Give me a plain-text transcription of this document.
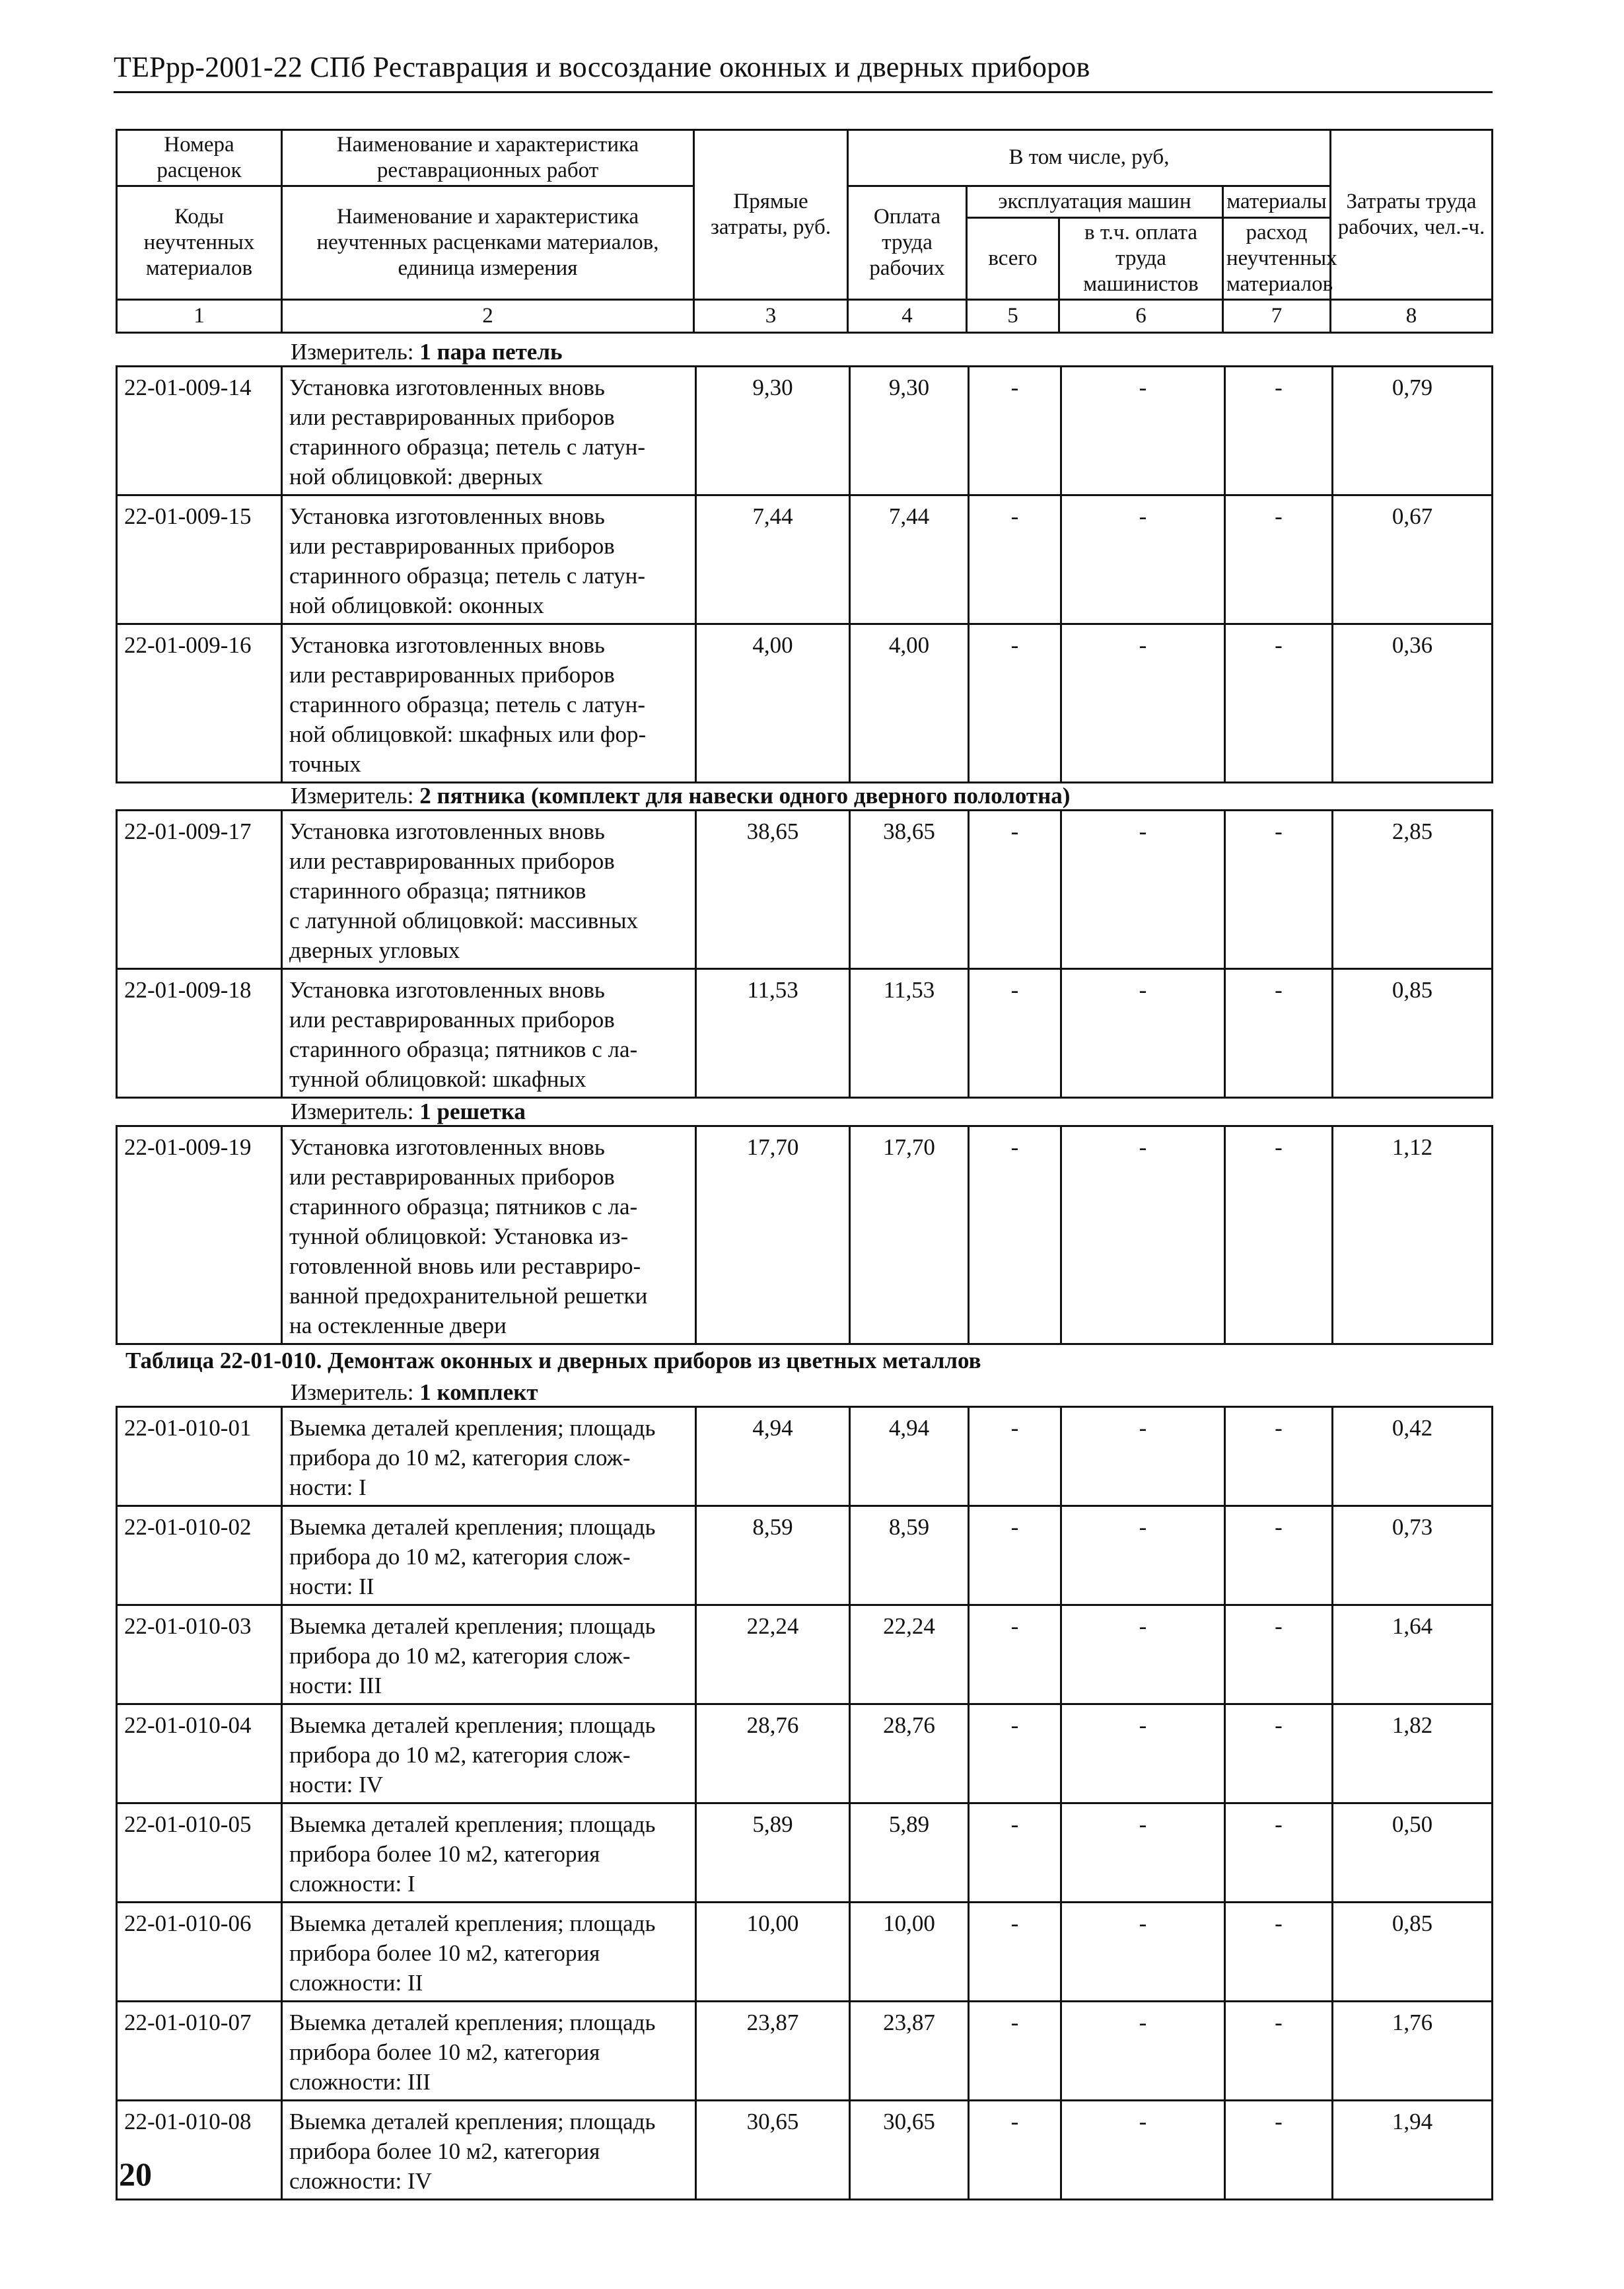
ТЕРрр-2001-22 СПб Реставрация и воссоздание оконных и дверных приборов
Номера расценок	Наименование и характеристика реставрационных работ	Прямые затраты, руб.	В том числе, руб,				Затраты труда рабочих, чел.-ч.
Коды неучтенных материалов	Наименование и характеристика неучтенных расценками материалов, единица измерения		Оплата труда рабочих	эксплуатация машин		материалы	
				всего	в т.ч. оплата труда машинистов	расход неучтенных материалов	
1	2	3	4	5	6	7	8
Измеритель: 1 пара петель
22-01-009-14	Установка изготовленных вновь
или реставрированных приборов
старинного образца; петель с латун-
ной облицовкой: дверных	9,30	9,30	-	-	-	0,79
22-01-009-15	Установка изготовленных вновь
или реставрированных приборов
старинного образца; петель с латун-
ной облицовкой: оконных	7,44	7,44	-	-	-	0,67
22-01-009-16	Установка изготовленных вновь
или реставрированных приборов
старинного образца; петель с латун-
ной облицовкой: шкафных или фор-
точных	4,00	4,00	-	-	-	0,36
Измеритель: 2 пятника (комплект для навески одного дверного пололотна)
22-01-009-17	Установка изготовленных вновь
или реставрированных приборов
старинного образца; пятников
с латунной облицовкой: массивных
дверных угловых	38,65	38,65	-	-	-	2,85
22-01-009-18	Установка изготовленных вновь
или реставрированных приборов
старинного образца; пятников с ла-
тунной облицовкой: шкафных	11,53	11,53	-	-	-	0,85
Измеритель: 1 решетка
22-01-009-19	Установка изготовленных вновь
или реставрированных приборов
старинного образца; пятников с ла-
тунной облицовкой: Установка из-
готовленной вновь или реставриро-
ванной предохранительной решетки
на остекленные двери
	17,70	17,70	-	-	-	1,12
Таблица 22-01-010. Демонтаж оконных и дверных приборов из цветных металлов
Измеритель: 1 комплект
22-01-010-01	Выемка деталей крепления; площадь
прибора до 10 м2, категория слож-
ности: I	4,94	4,94	-	-	-	0,42
22-01-010-02	Выемка деталей крепления; площадь
прибора до 10 м2, категория слож-
ности: II	8,59	8,59	-	-	-	0,73
22-01-010-03	Выемка деталей крепления; площадь
прибора до 10 м2, категория слож-
ности: III	22,24	22,24	-	-	-	1,64
22-01-010-04	Выемка деталей крепления; площадь
прибора до 10 м2, категория слож-
ности: IV	28,76	28,76	-	-	-	1,82
22-01-010-05	Выемка деталей крепления; площадь
прибора более 10 м2, категория
сложности: I	5,89	5,89	-	-	-	0,50
22-01-010-06	Выемка деталей крепления; площадь
прибора более 10 м2, категория
сложности: II	10,00	10,00	-	-	-	0,85
22-01-010-07	Выемка деталей крепления; площадь
прибора более 10 м2, категория
сложности: III	23,87	23,87	-	-	-	1,76
22-01-010-08	Выемка деталей крепления; площадь
прибора более 10 м2, категория
сложности: IV	30,65	30,65	-	-	-	1,94
20
